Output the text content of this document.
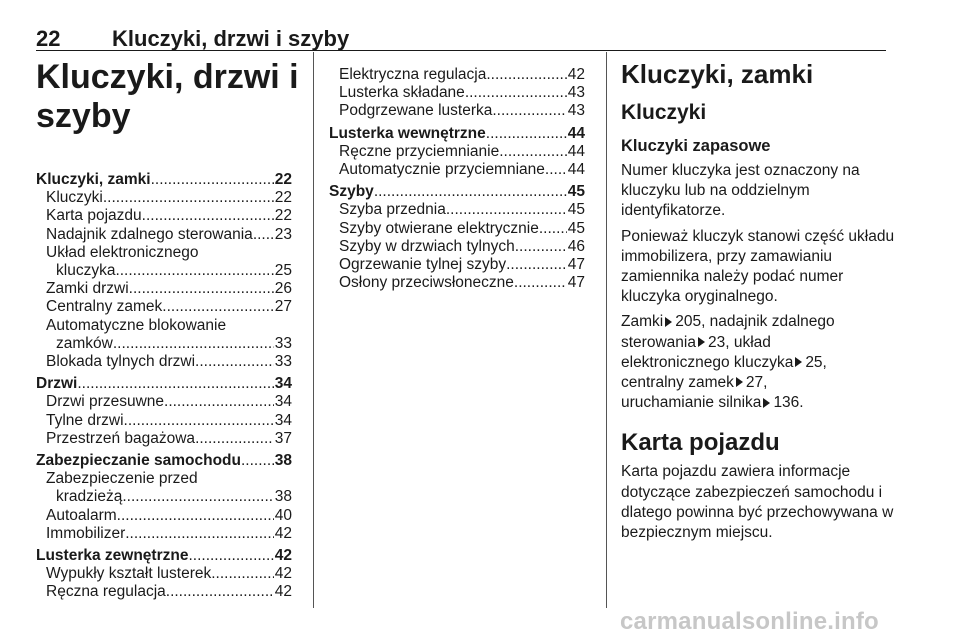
22 Kluczyki, drzwi i szyby
Kluczyki, drzwi i szyby
Kluczyki, zamki .....	22
Kluczyki .....	22
Karta pojazdu .....	22
Nadajnik zdalnego sterowania ..... 23
Układ elektronicznego
kluczyka .....	25
Zamki drzwi .....	26
Centralny zamek .....	27
Automatyczne blokowanie
zamków .....	33
Blokada tylnych drzwi .....	33
Drzwi .....	34
Drzwi przesuwne .....	34
Tylne drzwi .....	34
Przestrzeń bagażowa .....	37
Zabezpieczanie samochodu ..... 38
Zabezpieczenie przed
kradzieżą .....	38
Autoalarm .....	40
Immobilizer .....	42
Lusterka zewnętrzne .....	42
Wypukły kształt lusterek .....	42
Ręczna regulacja .....	42
Elektryczna regulacja .....	42
Lusterka składane .....	43
Podgrzewane lusterka .....	43
Lusterka wewnętrzne .....	44
Ręczne przyciemnianie .....	44
Automatycznie przyciemniane ..... 44
Szyby .....	45
Szyba przednia .....	45
Szyby otwierane elektrycznie ..... 45
Szyby w drzwiach tylnych .....	46
Ogrzewanie tylnej szyby .....	47
Osłony przeciwsłoneczne .....	47
Kluczyki, zamki
Kluczyki
Kluczyki zapasowe

Numer kluczyka jest oznaczony na kluczyku lub na oddzielnym identyfikatorze.

Ponieważ kluczyk stanowi część układu immobilizera, przy zamawianiu zamiennika należy podać numer kluczyka oryginalnego.

Zamki 205, nadajnik zdalnego
sterowania 23, układ
elektronicznego kluczyka 25,
centralny zamek 27,
uruchamianie silnika 136.

Karta pojazdu

Karta pojazdu zawiera informacje dotyczące zabezpieczeń samochodu i dlatego powinna być przechowywana w bezpiecznym miejscu.

carmanualsonline.info
